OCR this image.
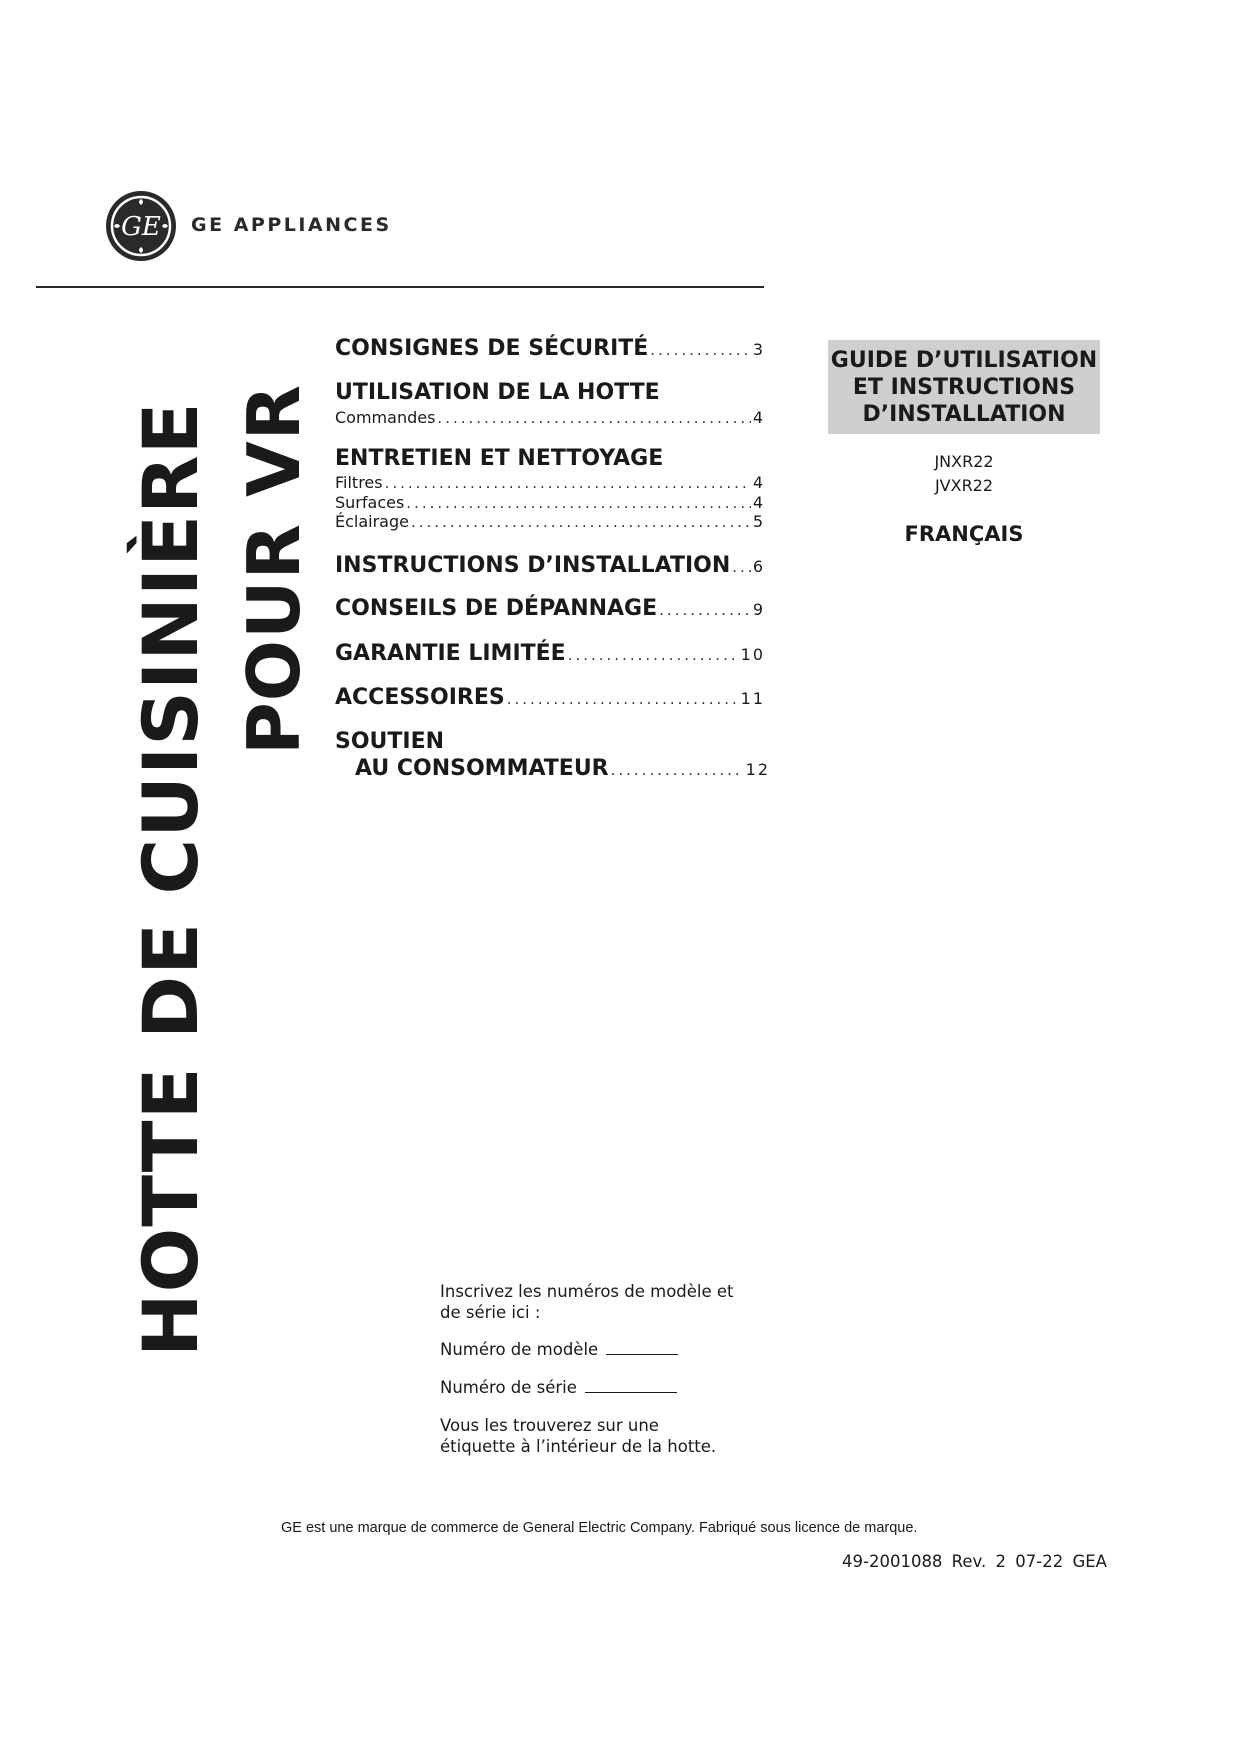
GE GE APPLIANCES
HOTTE DE CUISINIÈRE POUR VR
CONSIGNES DE SÉCURITÉ .....	3
UTILISATION DE LA HOTTE
Commandes .....	4
ENTRETIEN ET NETTOYAGE
Filtres .....	4
Surfaces .....	4
Éclairage .....	5
INSTRUCTIONS D’INSTALLATION ..... 6
CONSEILS DE DÉPANNAGE .....	9
GARANTIE LIMITÉE .....	10
ACCESSOIRES .....	11
SOUTIEN
AU CONSOMMATEUR .....	12
GUIDE D’UTILISATION
ET INSTRUCTIONS
D’INSTALLATION
JNXR22
JVXR22
FRANÇAIS
Inscrivez les numéros de modèle et
de série ici :
Numéro de modèle
Numéro de série
Vous les trouverez sur une
étiquette à l’intérieur de la hotte.
GE est une marque de commerce de General Electric Company. Fabriqué sous licence de marque.
49-2001088 Rev. 2 07-22 GEA
